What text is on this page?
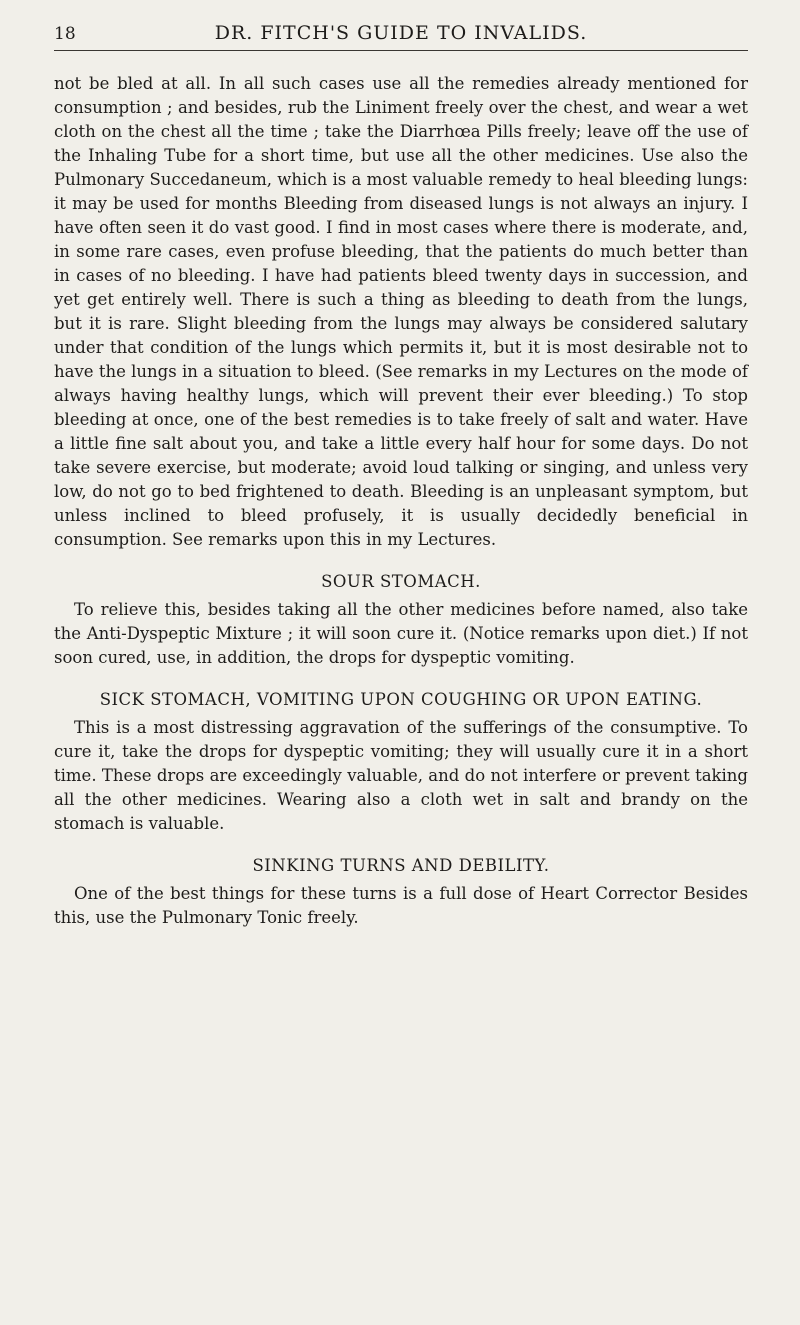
18	DR. FITCH'S GUIDE TO INVALIDS.

not be bled at all. In all such cases use all the remedies already mentioned for consumption ; and besides, rub the Liniment freely over the chest, and wear a wet cloth on the chest all the time ; take the Diarrhœa Pills freely; leave off the use of the Inhaling Tube for a short time, but use all the other medicines. Use also the Pulmonary Succedaneum, which is a most valuable remedy to heal bleeding lungs: it may be used for months Bleeding from diseased lungs is not always an injury. I have often seen it do vast good. I find in most cases where there is moderate, and, in some rare cases, even profuse bleeding, that the patients do much better than in cases of no bleeding. I have had patients bleed twenty days in succession, and yet get entirely well. There is such a thing as bleeding to death from the lungs, but it is rare. Slight bleeding from the lungs may always be considered salutary under that condition of the lungs which permits it, but it is most desirable not to have the lungs in a situation to bleed. (See remarks in my Lectures on the mode of always having healthy lungs, which will prevent their ever bleeding.) To stop bleeding at once, one of the best remedies is to take freely of salt and water. Have a little fine salt about you, and take a little every half hour for some days. Do not take severe exercise, but moderate; avoid loud talking or singing, and unless very low, do not go to bed frightened to death. Bleeding is an unpleasant symptom, but unless inclined to bleed profusely, it is usually decidedly beneficial in consumption. See remarks upon this in my Lectures.

SOUR STOMACH.

To relieve this, besides taking all the other medicines before named, also take the Anti-Dyspeptic Mixture ; it will soon cure it. (Notice remarks upon diet.) If not soon cured, use, in addition, the drops for dyspeptic vomiting.

SICK STOMACH, VOMITING UPON COUGHING OR UPON EATING.

This is a most distressing aggravation of the sufferings of the consumptive. To cure it, take the drops for dyspeptic vomiting; they will usually cure it in a short time. These drops are exceedingly valuable, and do not interfere or prevent taking all the other medicines. Wearing also a cloth wet in salt and brandy on the stomach is valuable.

SINKING TURNS AND DEBILITY.

One of the best things for these turns is a full dose of Heart Corrector Besides this, use the Pulmonary Tonic freely.
